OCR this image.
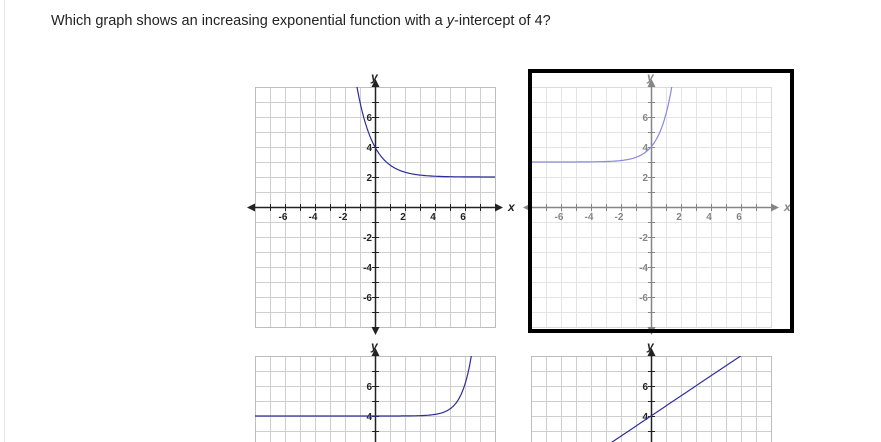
Which graph shows an increasing exponential function with a y-intercept of 4?

-6 -4 -2	2 4 6
6
4
2
-2
-4
-6
x
y
-6 -4 -2	2 4 6
6
4
2
-2
-4
-6
x
y
6
4
y
6
4
y
